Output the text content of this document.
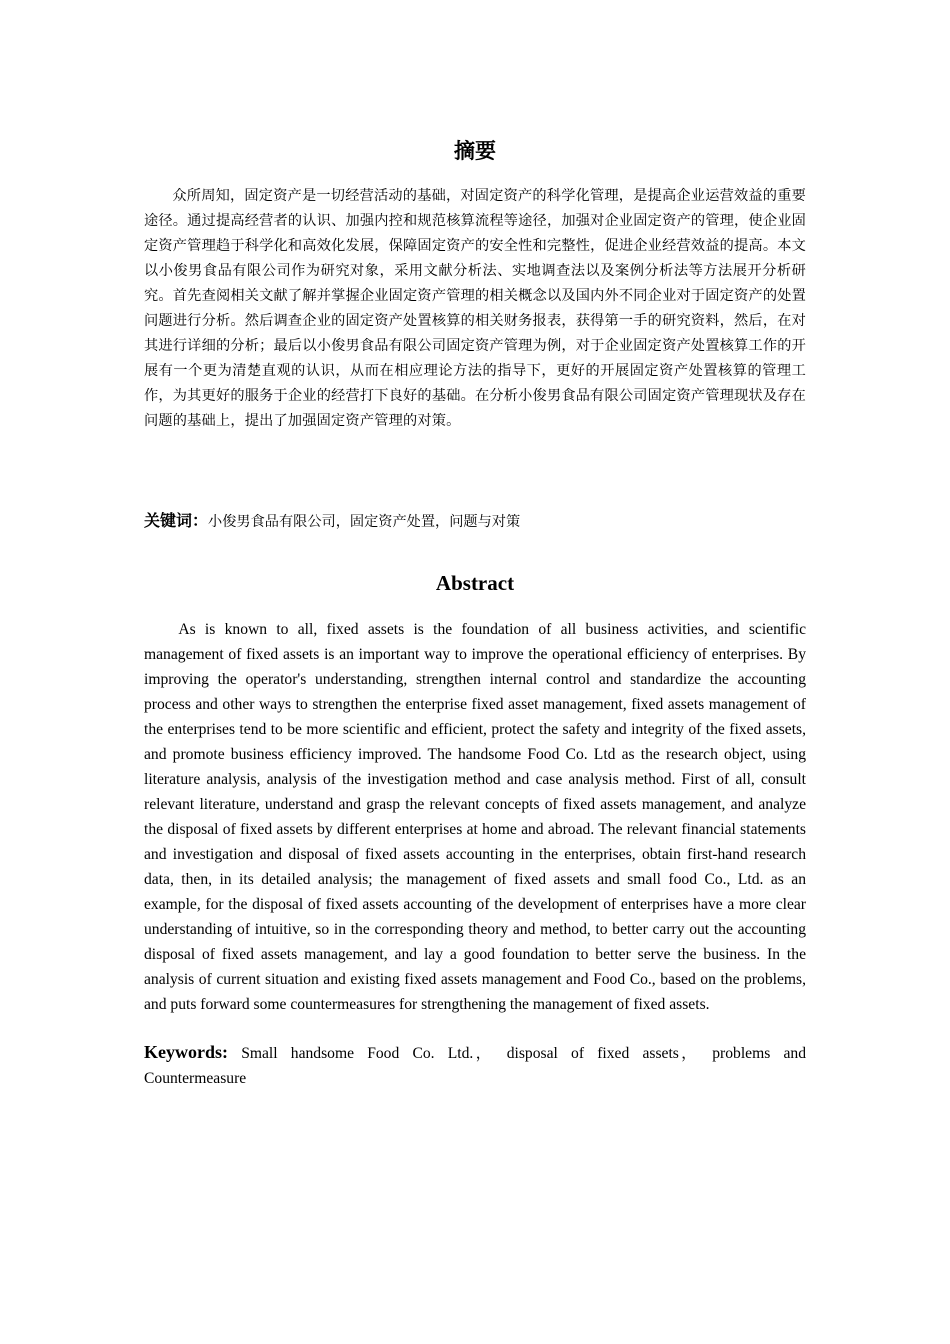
摘要

众所周知，固定资产是一切经营活动的基础，对固定资产的科学化管理，是提高企业运营效益的重要途径。通过提高经营者的认识、加强内控和规范核算流程等途径，加强对企业固定资产的管理，使企业固定资产管理趋于科学化和高效化发展，保障固定资产的安全性和完整性，促进企业经营效益的提高。本文以小俊男食品有限公司作为研究对象，采用文献分析法、实地调查法以及案例分析法等方法展开分析研究。首先查阅相关文献了解并掌握企业固定资产管理的相关概念以及国内外不同企业对于固定资产的处置问题进行分析。然后调查企业的固定资产处置核算的相关财务报表，获得第一手的研究资料，然后，在对其进行详细的分析；最后以小俊男食品有限公司固定资产管理为例，对于企业固定资产处置核算工作的开展有一个更为清楚直观的认识，从而在相应理论方法的指导下，更好的开展固定资产处置核算的管理工作，为其更好的服务于企业的经营打下良好的基础。在分析小俊男食品有限公司固定资产管理现状及存在问题的基础上，提出了加强固定资产管理的对策。

关键词：小俊男食品有限公司，固定资产处置，问题与对策
Abstract

As is known to all, fixed assets is the foundation of all business activities, and scientific management of fixed assets is an important way to improve the operational efficiency of enterprises. By improving the operator's understanding, strengthen internal control and standardize the accounting process and other ways to strengthen the enterprise fixed asset management, fixed assets management of the enterprises tend to be more scientific and efficient, protect the safety and integrity of the fixed assets, and promote business efficiency improved. The handsome Food Co. Ltd as the research object, using literature analysis, analysis of the investigation method and case analysis method. First of all, consult relevant literature, understand and grasp the relevant concepts of fixed assets management, and analyze the disposal of fixed assets by different enterprises at home and abroad. The relevant financial statements and investigation and disposal of fixed assets accounting in the enterprises, obtain first-hand research data, then, in its detailed analysis; the management of fixed assets and small food Co., Ltd. as an example, for the disposal of fixed assets accounting of the development of enterprises have a more clear understanding of intuitive, so in the corresponding theory and method, to better carry out the accounting disposal of fixed assets management, and lay a good foundation to better serve the business. In the analysis of current situation and existing fixed assets management and Food Co., based on the problems, and puts forward some countermeasures for strengthening the management of fixed assets.

Keywords: Small handsome Food Co. Ltd.， disposal of fixed assets， problems and Countermeasure
